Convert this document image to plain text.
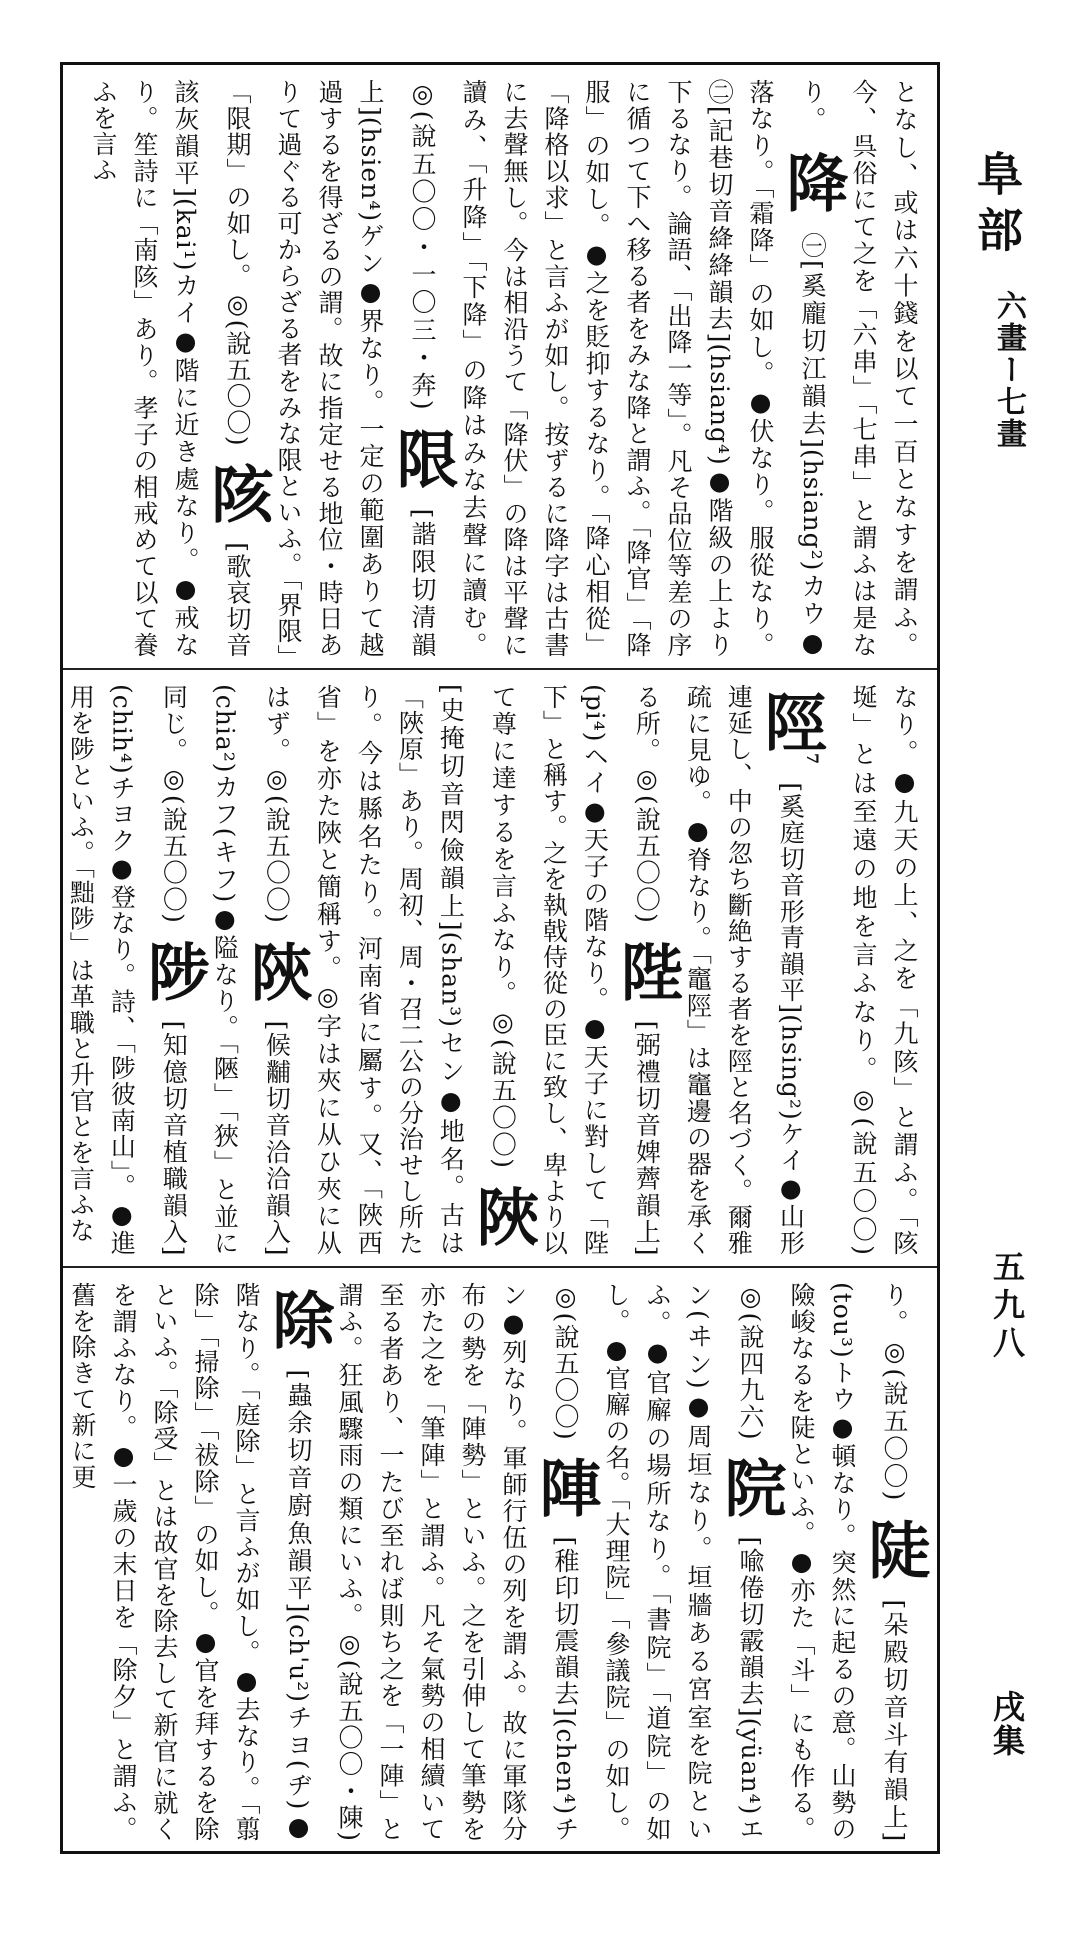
阜部
六畫ー七畫
五九八
戌集
となし、或は六十錢を以て一百となすを謂ふ。今、呉俗にて之を「六串」「七串」と謂ふは是なり。 降 ㊀[奚龐切江韻去](hsiang²)カウ●落なり。「霜降」の如し。●伏なり。服從なり。㊁[記巷切音絳絳韻去](hsiang⁴)●階級の上より下るなり。論語、「出降一等」。凡そ品位等差の序に循つて下へ移る者をみな降と謂ふ。「降官」「降服」の如し。●之を貶抑するなり。「降心相從」「降格以求」と言ふが如し。按ずるに降字は古書に去聲無し。今は相沿うて「降伏」の降は平聲に讀み、「升降」「下降」の降はみな去聲に讀む。◎(說五〇〇・一〇三・奔) 限 [諧限切清韻上](hsien⁴)ゲン●界なり。一定の範圍ありて越過するを得ざるの謂。故に指定せる地位・時日ありて過ぐる可からざる者をみな限といふ。「界限」「限期」の如し。◎(說五〇〇) 陔 [歌哀切音該灰韻平](kai¹)カイ●階に近き處なり。●戒なり。笙詩に「南陔」あり。孝子の相戒めて以て養ふを言ふ
なり。●九天の上、之を「九陔」と謂ふ。「陔埏」とは至遠の地を言ふなり。◎(說五〇〇) 陘$^7$ [奚庭切音形青韻平](hsing²)ケイ●山形連延し、中の忽ち斷絶する者を陘と名づく。爾雅疏に見ゆ。●脊なり。「竈陘」は竈邊の器を承くる所。◎(說五〇〇) 陛 [弼禮切音婢薺韻上](pi⁴)ヘイ●天子の階なり。●天子に對して「陛下」と稱す。之を執戟侍從の臣に致し、卑より以て尊に達するを言ふなり。◎(說五〇〇) 陜 [史掩切音閃儉韻上](shan³)セン●地名。古は「陜原」あり。周初、周・召二公の分治せし所たり。今は縣名たり。河南省に屬す。又、「陜西省」を亦た陜と簡稱す。◎字は夾に从ひ夾に从はず。◎(說五〇〇) 陝 [候黼切音洽洽韻入](chia²)カフ(キフ)●隘なり。「陿」「狹」と並に同じ。◎(說五〇〇) 陟 [知億切音植職韻入](chih⁴)チヨク●登なり。詩、「陟彼南山」。●進用を陟といふ。「黜陟」は革職と升官とを言ふな
り。◎(說五〇〇) 陡 [朵殿切音斗有韻上](tou³)トウ●頓なり。突然に起るの意。山勢の險峻なるを陡といふ。●亦た「斗」にも作る。◎(說四九六) 院 [喩倦切霰韻去](yüan⁴)エン(ヰン)●周垣なり。垣牆ある宮室を院といふ。●官廨の場所なり。「書院」「道院」の如し。●官廨の名。「大理院」「參議院」の如し。◎(說五〇〇) 陣 [稚印切震韻去](chen⁴)チン●列なり。軍師行伍の列を謂ふ。故に軍隊分布の勢を「陣勢」といふ。之を引伸して筆勢を亦た之を「筆陣」と謂ふ。凡そ氣勢の相續いて至る者あり、一たび至れば則ち之を「一陣」と謂ふ。狂風驟雨の類にいふ。◎(說五〇〇・陳) 除 [蟲余切音廚魚韻平](ch'u²)チヨ(ヂ)●階なり。「庭除」と言ふが如し。●去なり。「翦除」「掃除」「祓除」の如し。●官を拜するを除といふ。「除受」とは故官を除去して新官に就くを謂ふなり。●一歲の末日を「除夕」と謂ふ。舊を除きて新に更
